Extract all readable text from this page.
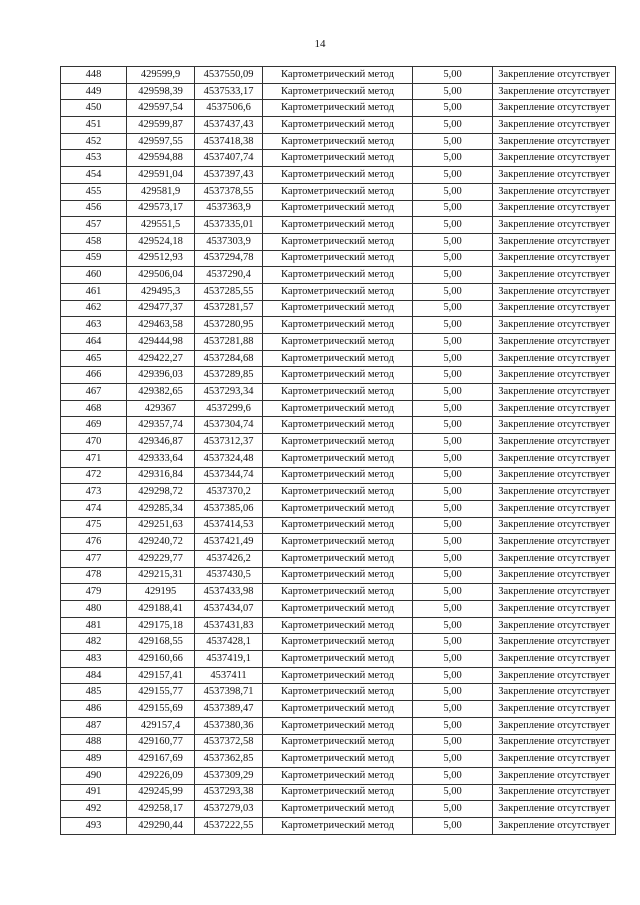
14
448	429599,9	4537550,09	Картометрический метод	5,00	Закрепление отсутствует
449	429598,39	4537533,17	Картометрический метод	5,00	Закрепление отсутствует
450	429597,54	4537506,6	Картометрический метод	5,00	Закрепление отсутствует
451	429599,87	4537437,43	Картометрический метод	5,00	Закрепление отсутствует
452	429597,55	4537418,38	Картометрический метод	5,00	Закрепление отсутствует
453	429594,88	4537407,74	Картометрический метод	5,00	Закрепление отсутствует
454	429591,04	4537397,43	Картометрический метод	5,00	Закрепление отсутствует
455	429581,9	4537378,55	Картометрический метод	5,00	Закрепление отсутствует
456	429573,17	4537363,9	Картометрический метод	5,00	Закрепление отсутствует
457	429551,5	4537335,01	Картометрический метод	5,00	Закрепление отсутствует
458	429524,18	4537303,9	Картометрический метод	5,00	Закрепление отсутствует
459	429512,93	4537294,78	Картометрический метод	5,00	Закрепление отсутствует
460	429506,04	4537290,4	Картометрический метод	5,00	Закрепление отсутствует
461	429495,3	4537285,55	Картометрический метод	5,00	Закрепление отсутствует
462	429477,37	4537281,57	Картометрический метод	5,00	Закрепление отсутствует
463	429463,58	4537280,95	Картометрический метод	5,00	Закрепление отсутствует
464	429444,98	4537281,88	Картометрический метод	5,00	Закрепление отсутствует
465	429422,27	4537284,68	Картометрический метод	5,00	Закрепление отсутствует
466	429396,03	4537289,85	Картометрический метод	5,00	Закрепление отсутствует
467	429382,65	4537293,34	Картометрический метод	5,00	Закрепление отсутствует
468	429367	4537299,6	Картометрический метод	5,00	Закрепление отсутствует
469	429357,74	4537304,74	Картометрический метод	5,00	Закрепление отсутствует
470	429346,87	4537312,37	Картометрический метод	5,00	Закрепление отсутствует
471	429333,64	4537324,48	Картометрический метод	5,00	Закрепление отсутствует
472	429316,84	4537344,74	Картометрический метод	5,00	Закрепление отсутствует
473	429298,72	4537370,2	Картометрический метод	5,00	Закрепление отсутствует
474	429285,34	4537385,06	Картометрический метод	5,00	Закрепление отсутствует
475	429251,63	4537414,53	Картометрический метод	5,00	Закрепление отсутствует
476	429240,72	4537421,49	Картометрический метод	5,00	Закрепление отсутствует
477	429229,77	4537426,2	Картометрический метод	5,00	Закрепление отсутствует
478	429215,31	4537430,5	Картометрический метод	5,00	Закрепление отсутствует
479	429195	4537433,98	Картометрический метод	5,00	Закрепление отсутствует
480	429188,41	4537434,07	Картометрический метод	5,00	Закрепление отсутствует
481	429175,18	4537431,83	Картометрический метод	5,00	Закрепление отсутствует
482	429168,55	4537428,1	Картометрический метод	5,00	Закрепление отсутствует
483	429160,66	4537419,1	Картометрический метод	5,00	Закрепление отсутствует
484	429157,41	4537411	Картометрический метод	5,00	Закрепление отсутствует
485	429155,77	4537398,71	Картометрический метод	5,00	Закрепление отсутствует
486	429155,69	4537389,47	Картометрический метод	5,00	Закрепление отсутствует
487	429157,4	4537380,36	Картометрический метод	5,00	Закрепление отсутствует
488	429160,77	4537372,58	Картометрический метод	5,00	Закрепление отсутствует
489	429167,69	4537362,85	Картометрический метод	5,00	Закрепление отсутствует
490	429226,09	4537309,29	Картометрический метод	5,00	Закрепление отсутствует
491	429245,99	4537293,38	Картометрический метод	5,00	Закрепление отсутствует
492	429258,17	4537279,03	Картометрический метод	5,00	Закрепление отсутствует
493	429290,44	4537222,55	Картометрический метод	5,00	Закрепление отсутствует
